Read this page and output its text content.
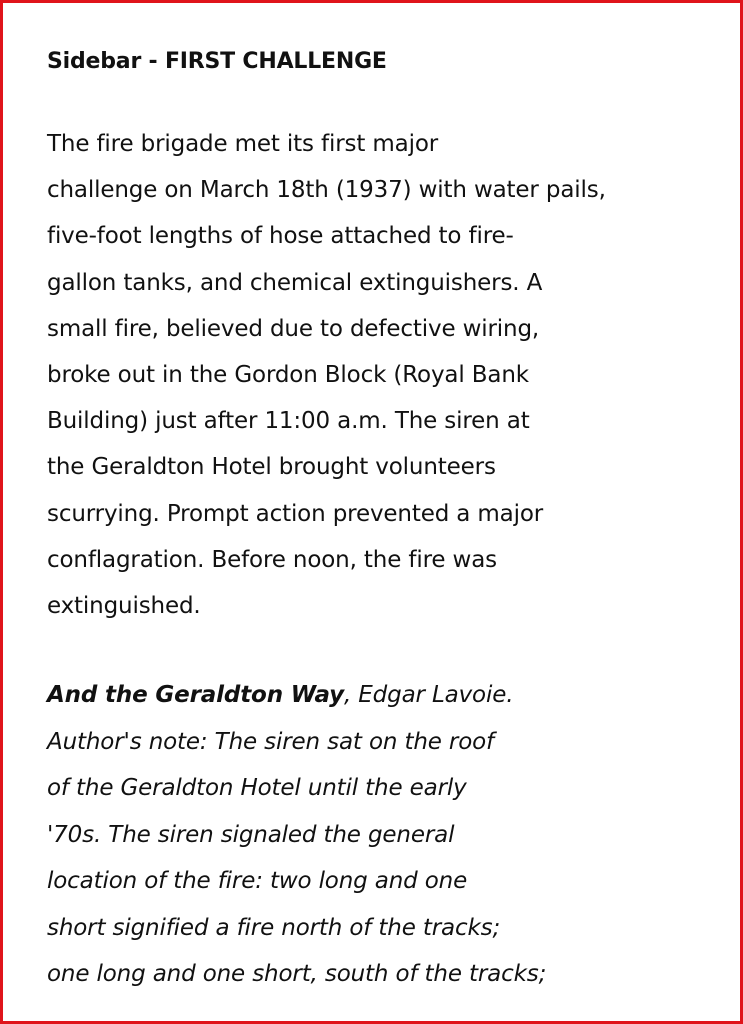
Sidebar - FIRST CHALLENGE
The fire brigade met its first major
challenge on March 18th (1937) with water pails,
five-foot lengths of hose attached to fire-
gallon tanks, and chemical extinguishers. A
small fire, believed due to defective wiring,
broke out in the Gordon Block (Royal Bank
Building) just after 11:00 a.m. The siren at
the Geraldton Hotel brought volunteers
scurrying. Prompt action prevented a major
conflagration. Before noon, the fire was
extinguished.
And the Geraldton Way, Edgar Lavoie.
Author's note: The siren sat on the roof
of the Geraldton Hotel until the early
'70s. The siren signaled the general
location of the fire: two long and one
short signified a fire north of the tracks;
one long and one short, south of the tracks;
